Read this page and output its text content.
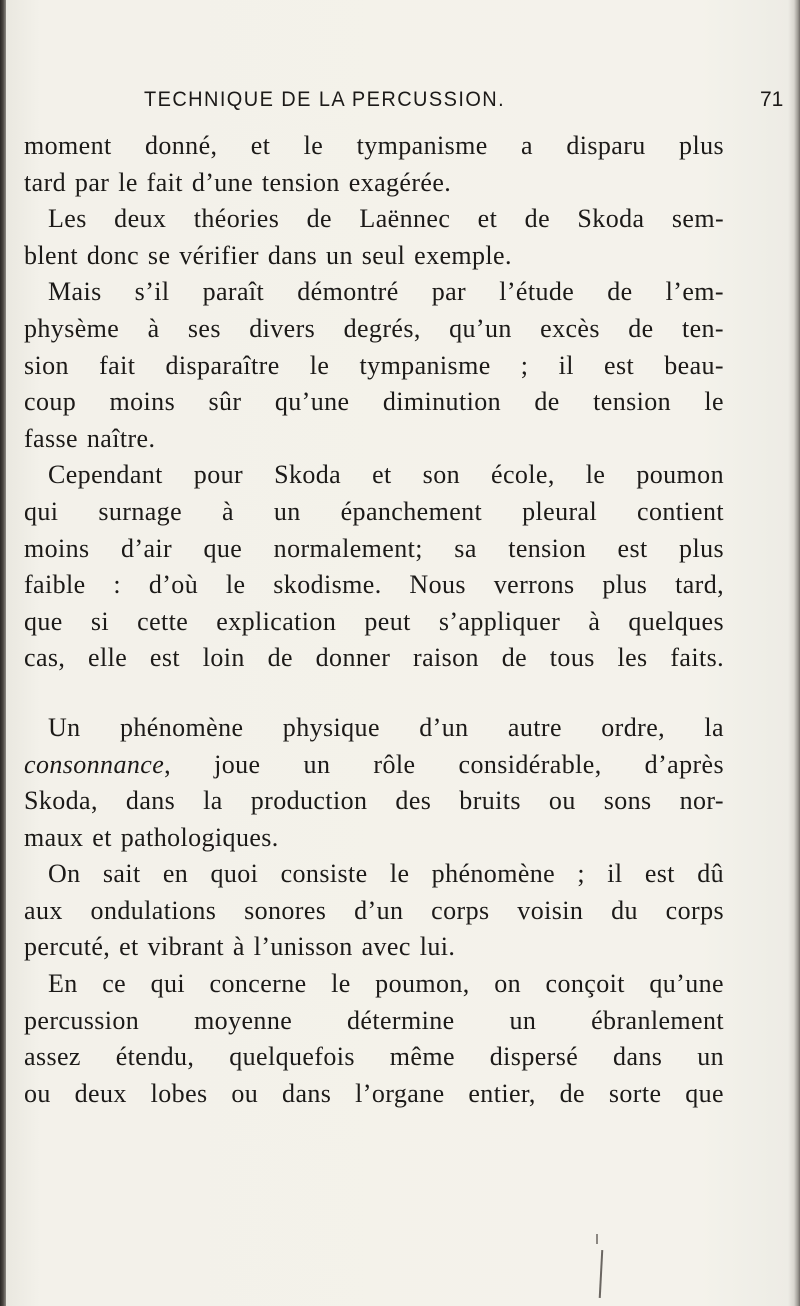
TECHNIQUE DE LA PERCUSSION.	71
moment donné, et le tympanisme a disparu plus
tard par le fait d’une tension exagérée.
Les deux théories de Laënnec et de Skoda sem-
blent donc se vérifier dans un seul exemple.
Mais s’il paraît démontré par l’étude de l’em-
physème à ses divers degrés, qu’un excès de ten-
sion fait disparaître le tympanisme ; il est beau-
coup moins sûr qu’une diminution de tension le
fasse naître.
Cependant pour Skoda et son école, le poumon
qui surnage à un épanchement pleural contient
moins d’air que normalement; sa tension est plus
faible : d’où le skodisme. Nous verrons plus tard,
que si cette explication peut s’appliquer à quelques
cas, elle est loin de donner raison de tous les faits.
Un phénomène physique d’un autre ordre, la
consonnance, joue un rôle considérable, d’après
Skoda, dans la production des bruits ou sons nor-
maux et pathologiques.
On sait en quoi consiste le phénomène ; il est dû
aux ondulations sonores d’un corps voisin du corps
percuté, et vibrant à l’unisson avec lui.
En ce qui concerne le poumon, on conçoit qu’une
percussion moyenne détermine un ébranlement
assez étendu, quelquefois même dispersé dans un
ou deux lobes ou dans l’organe entier, de sorte que
